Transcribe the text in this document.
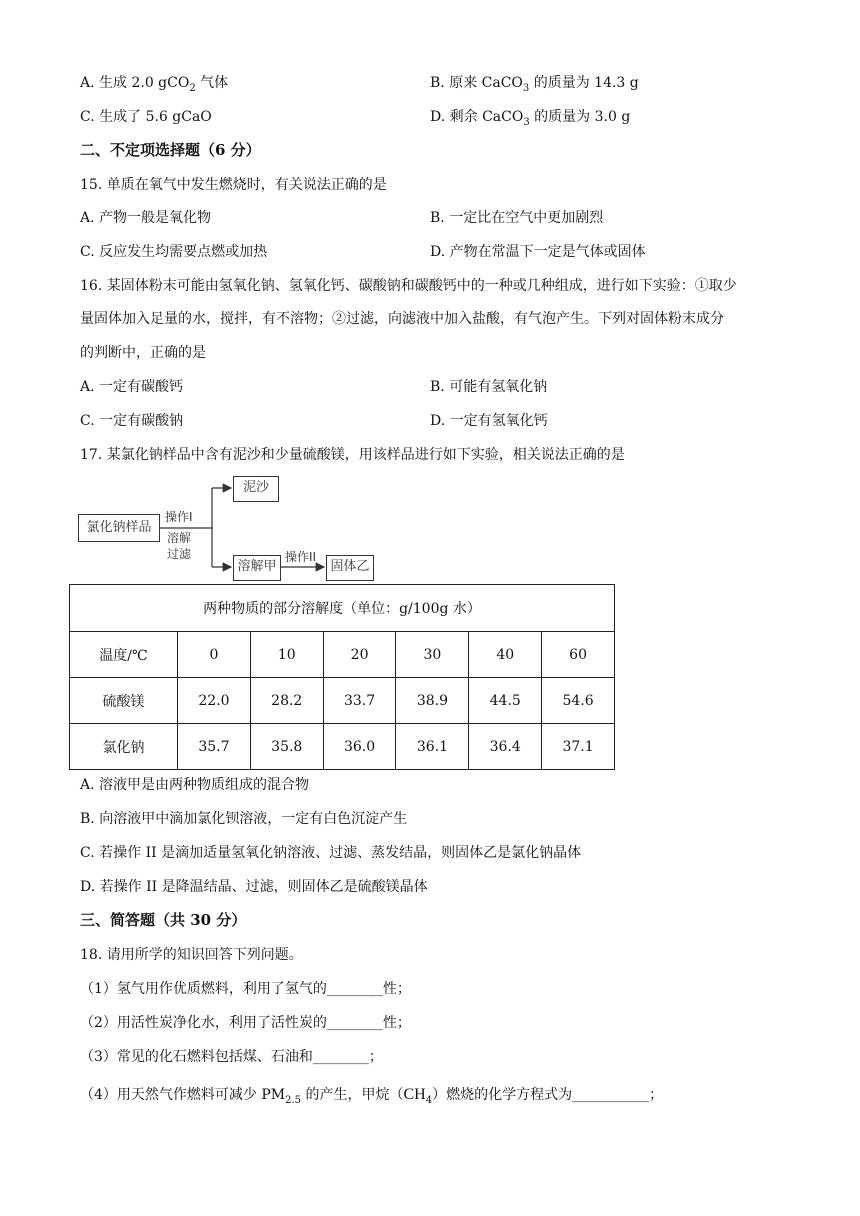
A. 生成 2.0 gCO$_2$ 气体	B. 原来 CaCO$_3$ 的质量为 14.3 g
C. 生成了 5.6 gCaO	D. 剩余 CaCO$_3$ 的质量为 3.0 g
二、不定项选择题（6 分）
15. 单质在氧气中发生燃烧时，有关说法正确的是
A. 产物一般是氧化物	B. 一定比在空气中更加剧烈
C. 反应发生均需要点燃或加热	D. 产物在常温下一定是气体或固体
16. 某固体粉末可能由氢氧化钠、氢氧化钙、碳酸钠和碳酸钙中的一种或几种组成，进行如下实验：①取少
量固体加入足量的水，搅拌，有不溶物；②过滤，向滤液中加入盐酸，有气泡产生。下列对固体粉末成分
的判断中，正确的是
A. 一定有碳酸钙	B. 可能有氢氧化钠
C. 一定有碳酸钠	D. 一定有氢氧化钙
17. 某氯化钠样品中含有泥沙和少量硫酸镁，用该样品进行如下实验，相关说法正确的是
氯化钠样品
操作I
溶解
过滤
泥沙
溶解甲
操作II
固体乙
两种物质的部分溶解度（单位：g/100g 水）						
温度/℃	0	10	20	30	40	60
硫酸镁	22.0	28.2	33.7	38.9	44.5	54.6
氯化钠	35.7	35.8	36.0	36.1	36.4	37.1
A. 溶液甲是由两种物质组成的混合物
B. 向溶液甲中滴加氯化钡溶液，一定有白色沉淀产生
C. 若操作 II 是滴加适量氢氧化钠溶液、过滤、蒸发结晶，则固体乙是氯化钠晶体
D. 若操作 II 是降温结晶、过滤，则固体乙是硫酸镁晶体
三、简答题（共 30 分）
18. 请用所学的知识回答下列问题。
（1）氢气用作优质燃料，利用了氢气的________性；
（2）用活性炭净化水，利用了活性炭的________性；
（3）常见的化石燃料包括煤、石油和________；
（4）用天然气作燃料可减少 $PM_{2.5}$ 的产生，甲烷$(CH_4)$燃烧的化学方程式为___________；
